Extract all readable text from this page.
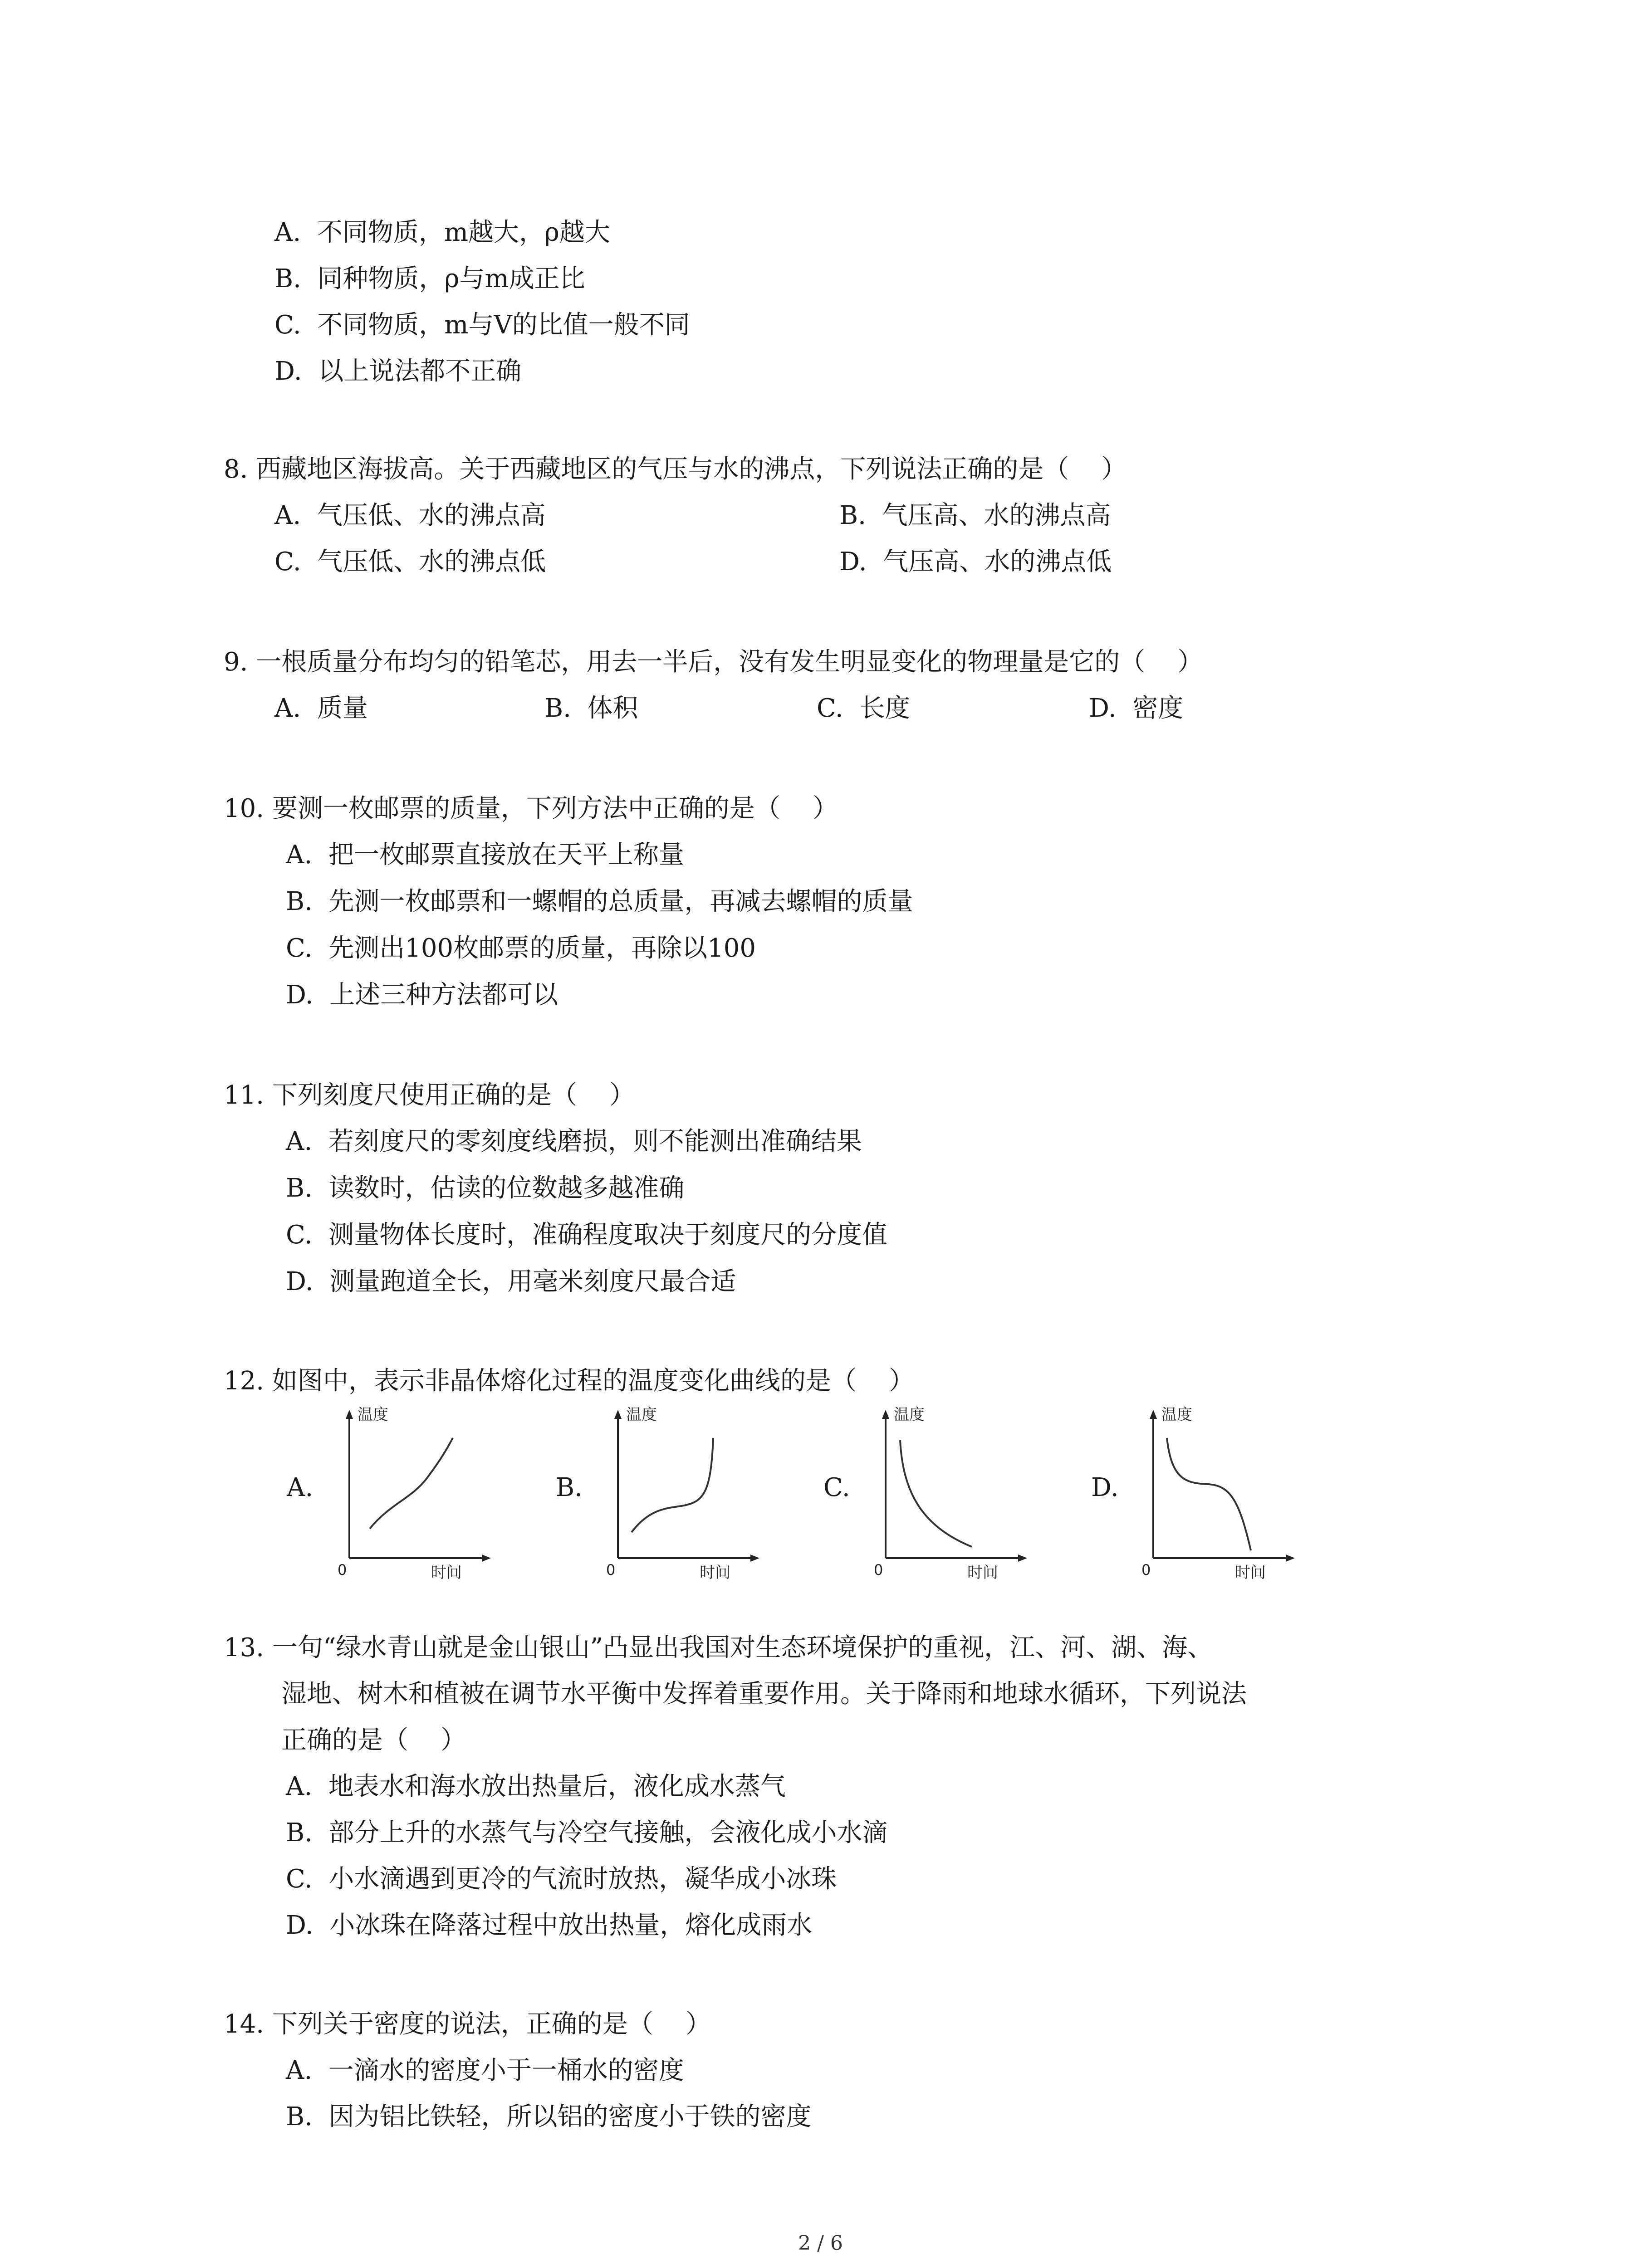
A.  不同物质，m越大，ρ越大
B.  同种物质，ρ与m成正比
C.  不同物质，m与V的比值一般不同
D.  以上说法都不正确
8. 西藏地区海拔高。关于西藏地区的气压与水的沸点，下列说法正确的是（    ）
A.  气压低、水的沸点高	B.  气压高、水的沸点高
C.  气压低、水的沸点低	D.  气压高、水的沸点低
9. 一根质量分布均匀的铅笔芯，用去一半后，没有发生明显变化的物理量是它的（    ）
A.  质量	B.  体积	C.  长度	D.  密度
10. 要测一枚邮票的质量，下列方法中正确的是（    ）
A.  把一枚邮票直接放在天平上称量
B.  先测一枚邮票和一螺帽的总质量，再减去螺帽的质量
C.  先测出100枚邮票的质量，再除以100
D.  上述三种方法都可以
11. 下列刻度尺使用正确的是（    ）
A.  若刻度尺的零刻度线磨损，则不能测出准确结果
B.  读数时，估读的位数越多越准确
C.  测量物体长度时，准确程度取决于刻度尺的分度值
D.  测量跑道全长，用毫米刻度尺最合适
12. 如图中，表示非晶体熔化过程的温度变化曲线的是（    ）
A.
温度
时间
0
B.
温度
时间
0
C.
温度
时间
0
D.
温度
时间
0
13. 一句“绿水青山就是金山银山”凸显出我国对生态环境保护的重视，江、河、湖、海、
湿地、树木和植被在调节水平衡中发挥着重要作用。关于降雨和地球水循环，下列说法
正确的是（    ）
A.  地表水和海水放出热量后，液化成水蒸气
B.  部分上升的水蒸气与冷空气接触，会液化成小水滴
C.  小水滴遇到更冷的气流时放热，凝华成小冰珠
D.  小冰珠在降落过程中放出热量，熔化成雨水
14. 下列关于密度的说法，正确的是（    ）
A.  一滴水的密度小于一桶水的密度
B.  因为铝比铁轻，所以铝的密度小于铁的密度
2 / 6
